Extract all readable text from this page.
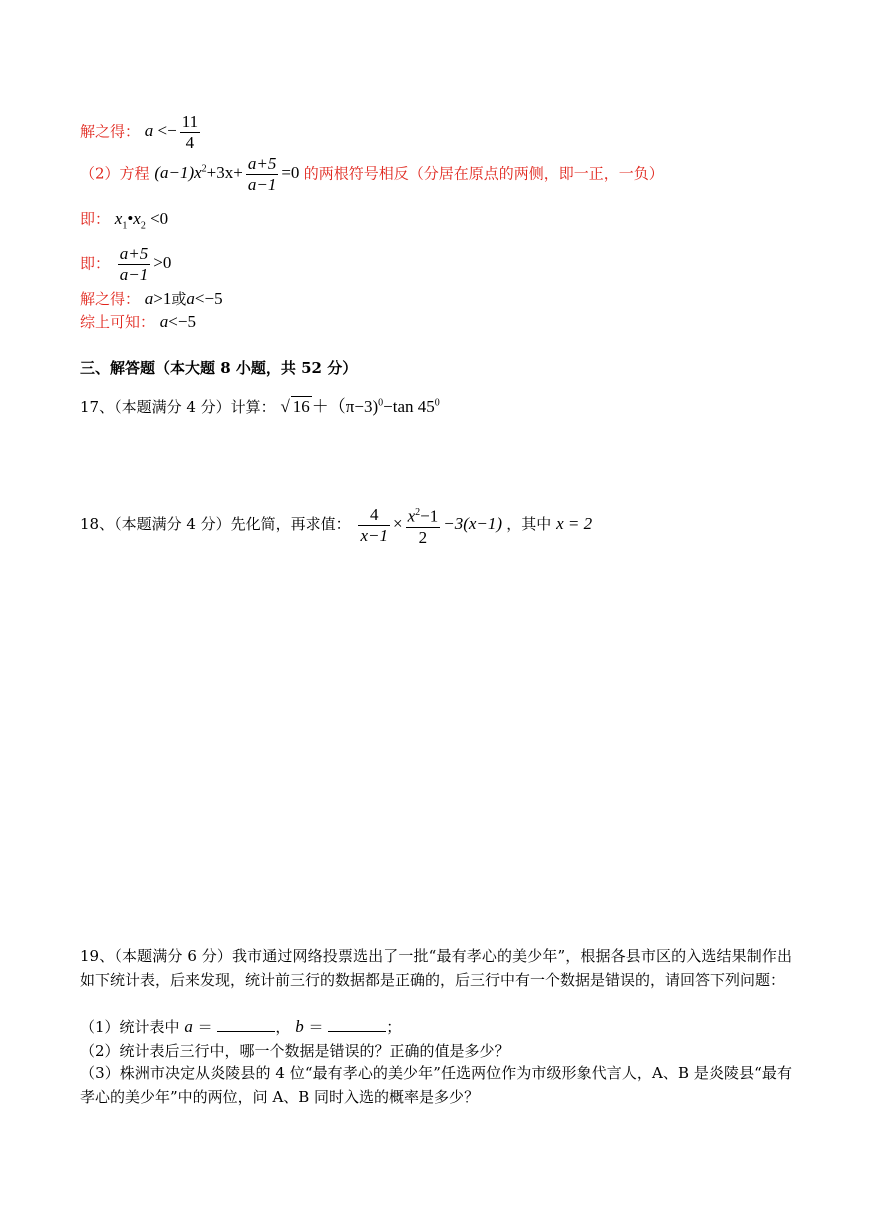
解之得： $a <- \frac{11}{4}$
（2）方程 $(a-1)x^2+3x+ \frac{a+5}{a-1} =0$ 的两根符号相反（分居在原点的两侧，即一正，一负）
即： $x_1•x_2 <0$
即： $\frac{a+5}{a-1} >0$
解之得： a>1或a<−5
综上可知： a<−5
三、解答题（本大题 8 小题，共 52 分）
17、（本题满分 4 分）计算： √ 16 ＋（π−3)$^0$−tan $45^0$
18、（本题满分 4 分）先化简，再求值： $\frac{4}{x-1} \times \frac{x^2-1}{2} -3(x-1)$ ，其中 x = 2
19、（本题满分 6 分）我市通过网络投票选出了一批“最有孝心的美少年”，根据各县市区的入选结果制作出如下统计表，后来发现，统计前三行的数据都是正确的，后三行中有一个数据是错误的，请回答下列问题：
（1）统计表中 a ＝	， b ＝	；
（2）统计表后三行中，哪一个数据是错误的？正确的值是多少？
（3）株洲市决定从炎陵县的 4 位“最有孝心的美少年”任选两位作为市级形象代言人，A、B 是炎陵县“最有孝心的美少年”中的两位，问 A、B 同时入选的概率是多少？
